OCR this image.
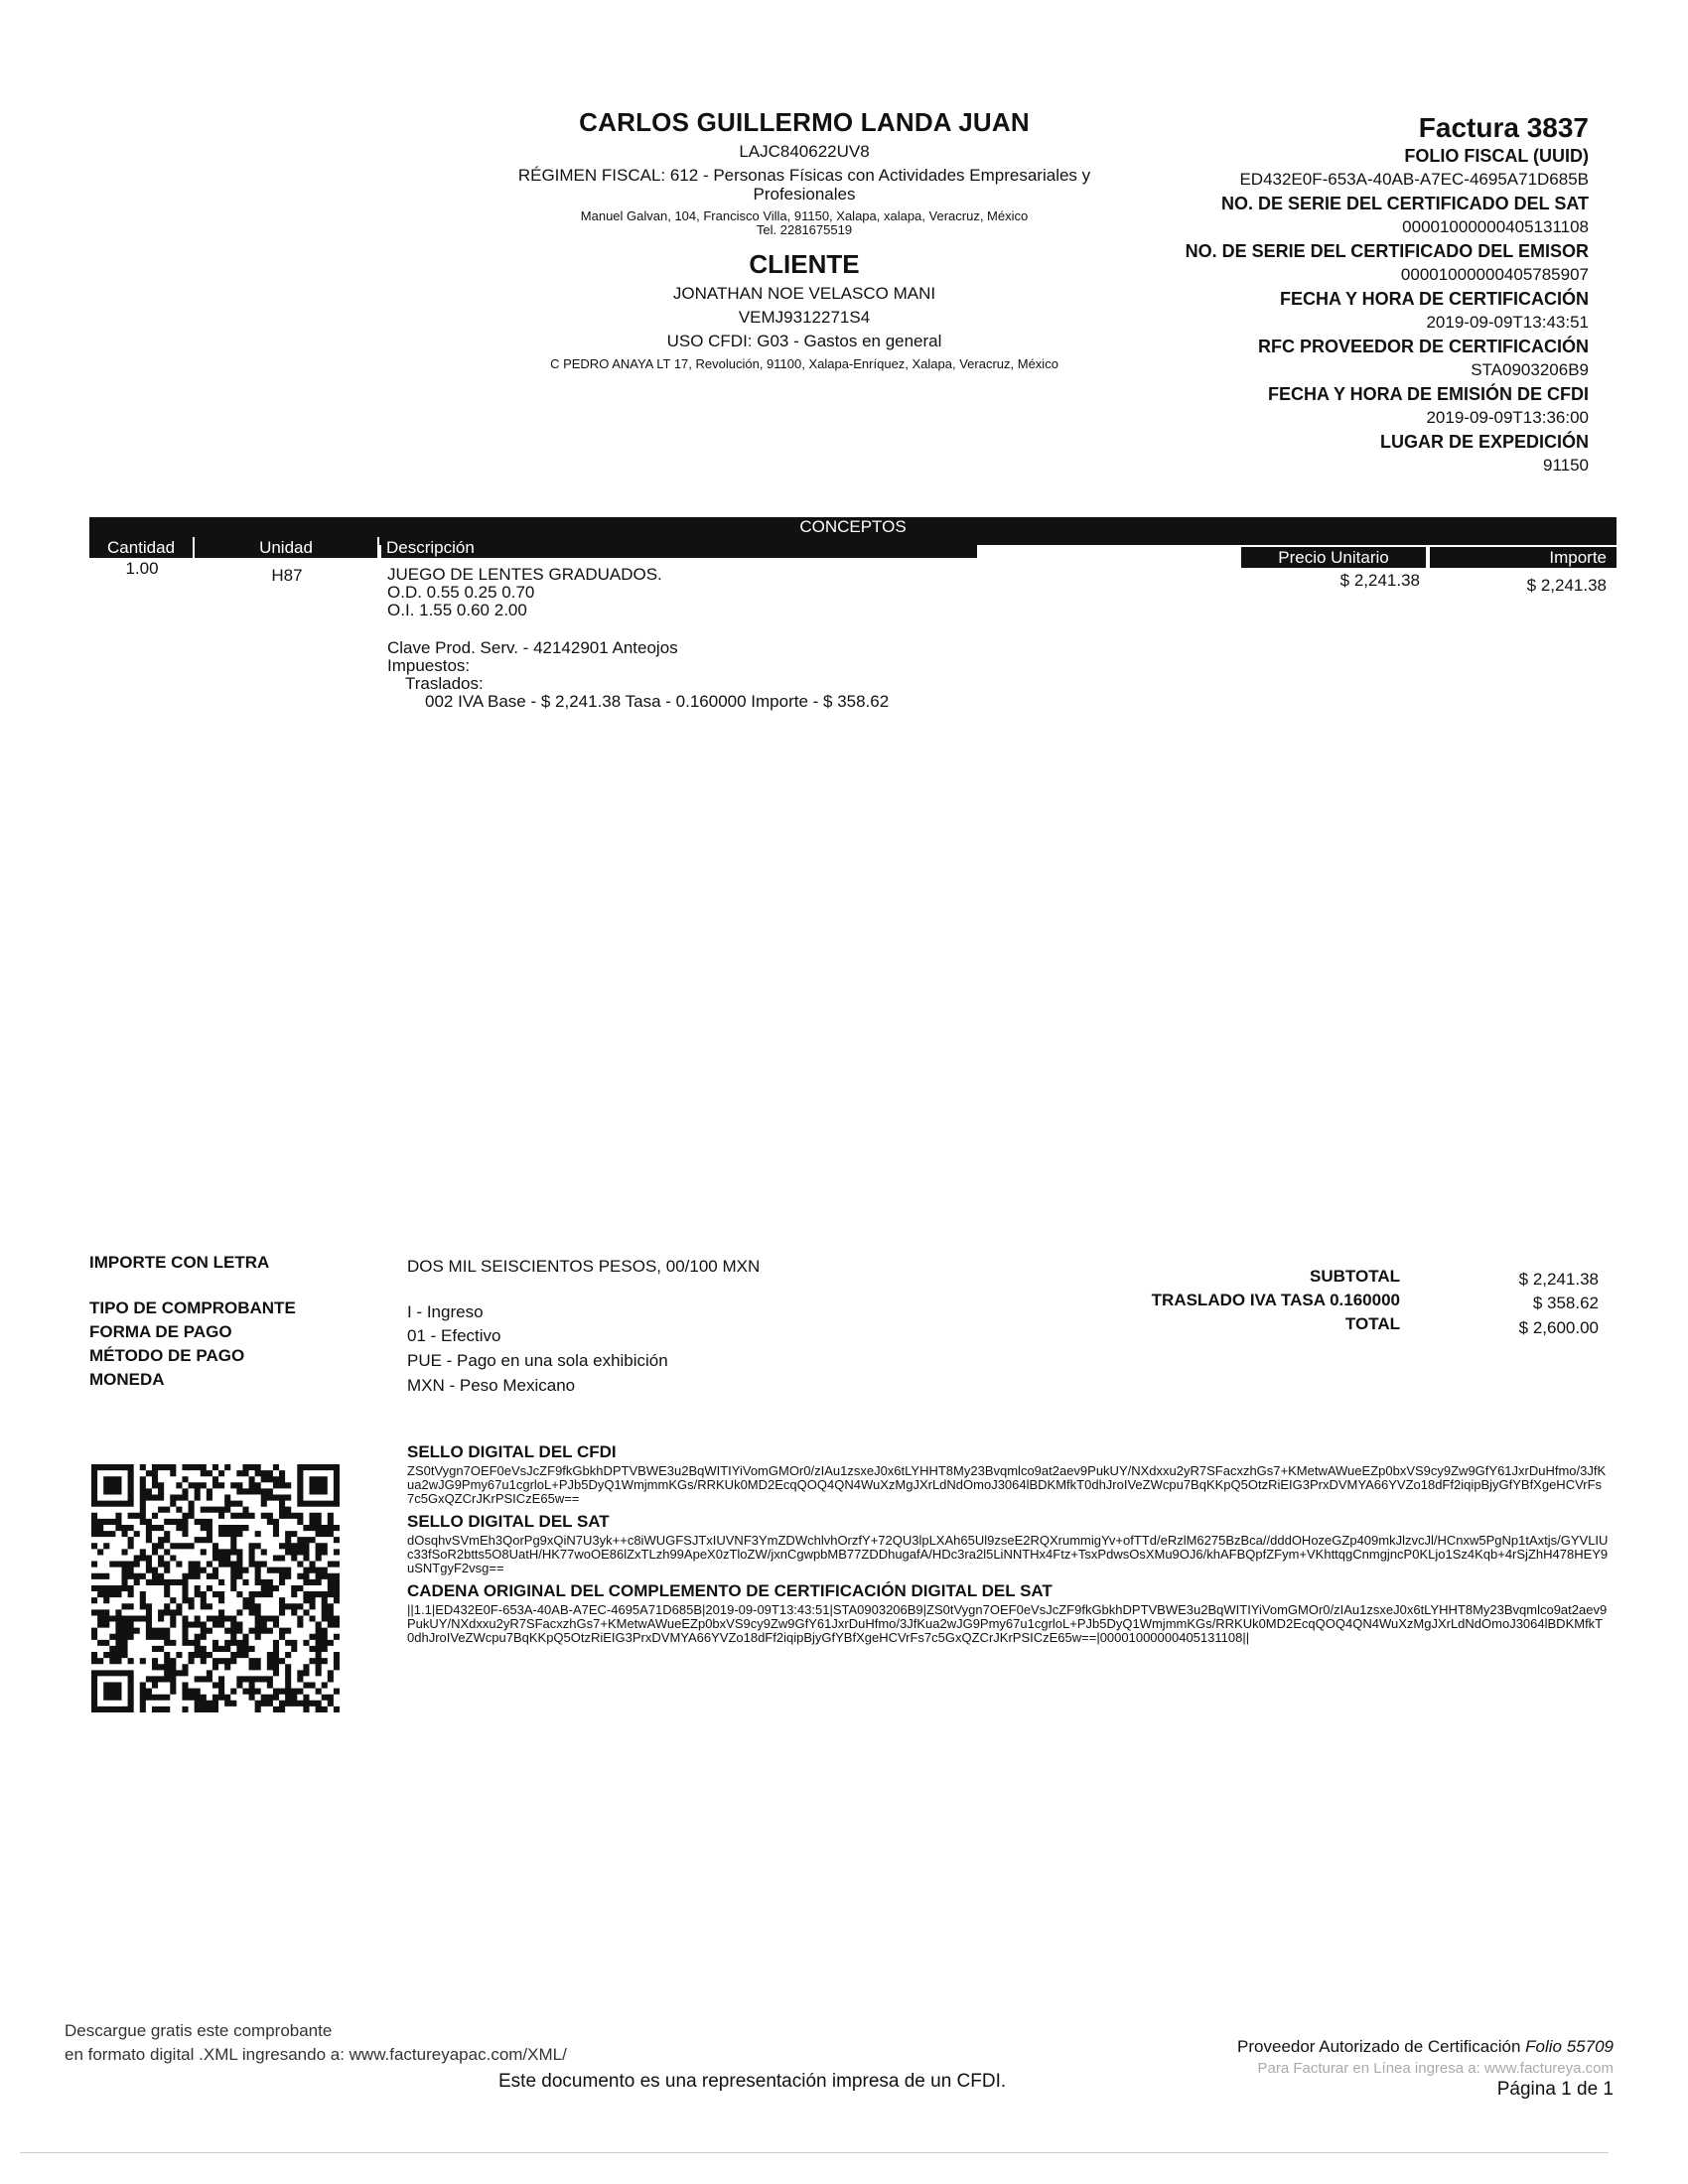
CARLOS GUILLERMO LANDA JUAN
LAJC840622UV8
RÉGIMEN FISCAL: 612 - Personas Físicas con Actividades Empresariales y Profesionales
Manuel Galvan, 104, Francisco Villa, 91150, Xalapa, xalapa, Veracruz, México
Tel. 2281675519
CLIENTE
JONATHAN NOE VELASCO MANI
VEMJ9312271S4
USO CFDI: G03 - Gastos en general
C PEDRO ANAYA LT 17, Revolución, 91100, Xalapa-Enríquez, Xalapa, Veracruz, México
Factura 3837
FOLIO FISCAL (UUID)
ED432E0F-653A-40AB-A7EC-4695A71D685B
NO. DE SERIE DEL CERTIFICADO DEL SAT
00001000000405131108
NO. DE SERIE DEL CERTIFICADO DEL EMISOR
00001000000405785907
FECHA Y HORA DE CERTIFICACIÓN
2019-09-09T13:43:51
RFC PROVEEDOR DE CERTIFICACIÓN
STA0903206B9
FECHA Y HORA DE EMISIÓN DE CFDI
2019-09-09T13:36:00
LUGAR DE EXPEDICIÓN
91150
CONCEPTOS
Cantidad	Unidad	Descripción
Precio Unitario	Importe
1.00	H87	JUEGO DE LENTES GRADUADOS.
O.D. 0.55 0.25 0.70
O.I. 1.55 0.60 2.00
Clave Prod. Serv. - 42142901 Anteojos
Impuestos:
Traslados:
002 IVA Base - $ 2,241.38 Tasa - 0.160000 Importe - $ 358.62
$ 2,241.38	$ 2,241.38
IMPORTE CON LETRA	DOS MIL SEISCIENTOS PESOS, 00/100 MXN
TIPO DE COMPROBANTE	I - Ingreso
FORMA DE PAGO	01 - Efectivo
MÉTODO DE PAGO	PUE - Pago en una sola exhibición
MONEDA	MXN - Peso Mexicano
SUBTOTAL	$ 2,241.38
TRASLADO IVA TASA 0.160000	$ 358.62
TOTAL	$ 2,600.00
SELLO DIGITAL DEL CFDI
ZS0tVygn7OEF0eVsJcZF9fkGbkhDPTVBWE3u2BqWITIYiVomGMOr0/zIAu1zsxeJ0x6tLYHHT8My23Bvqmlco9at2aev9PukUY/NXdxxu2yR7SFacxzhGs7+KMetwAWueEZp0bxVS9cy9Zw9GfY61JxrDuHfmo/3JfKua2wJG9Pmy67u1cgrloL+PJb5DyQ1WmjmmKGs/RRKUk0MD2EcqQOQ4QN4WuXzMgJXrLdNdOmoJ3064lBDKMfkT0dhJroIVeZWcpu7BqKKpQ5OtzRiEIG3PrxDVMYA66YVZo18dFf2iqipBjyGfYBfXgeHCVrFs7c5GxQZCrJKrPSICzE65w==
SELLO DIGITAL DEL SAT
dOsqhvSVmEh3QorPg9xQiN7U3yk++c8iWUGFSJTxIUVNF3YmZDWchlvhOrzfY+72QU3lpLXAh65Ul9zseE2RQXrummigYv+ofTTd/eRzlM6275BzBca//dddOHozeGZp409mkJlzvcJl/HCnxw5PgNp1tAxtjs/GYVLIUc33fSoR2btts5O8UatH/HK77woOE86lZxTLzh99ApeX0zTloZW/jxnCgwpbMB77ZDDhugafA/HDc3ra2l5LiNNTHx4Ftz+TsxPdwsOsXMu9OJ6/khAFBQpfZFym+VKhttqgCnmgjncP0KLjo1Sz4Kqb+4rSjZhH478HEY9uSNTgyF2vsg==
CADENA ORIGINAL DEL COMPLEMENTO DE CERTIFICACIÓN DIGITAL DEL SAT
||1.1|ED432E0F-653A-40AB-A7EC-4695A71D685B|2019-09-09T13:43:51|STA0903206B9|ZS0tVygn7OEF0eVsJcZF9fkGbkhDPTVBWE3u2BqWITIYiVomGMOr0/zIAu1zsxeJ0x6tLYHHT8My23Bvqmlco9at2aev9PukUY/NXdxxu2yR7SFacxzhGs7+KMetwAWueEZp0bxVS9cy9Zw9GfY61JxrDuHfmo/3JfKua2wJG9Pmy67u1cgrloL+PJb5DyQ1WmjmmKGs/RRKUk0MD2EcqQOQ4QN4WuXzMgJXrLdNdOmoJ3064lBDKMfkT0dhJroIVeZWcpu7BqKKpQ5OtzRiEIG3PrxDVMYA66YVZo18dFf2iqipBjyGfYBfXgeHCVrFs7c5GxQZCrJKrPSICzE65w==|00001000000405131108||
Descargue gratis este comprobante
en formato digital .XML ingresando a: www.factureyapac.com/XML/
Este documento es una representación impresa de un CFDI.
Proveedor Autorizado de Certificación Folio 55709
Para Facturar en Línea ingresa a: www.factureya.com
Página 1 de 1
